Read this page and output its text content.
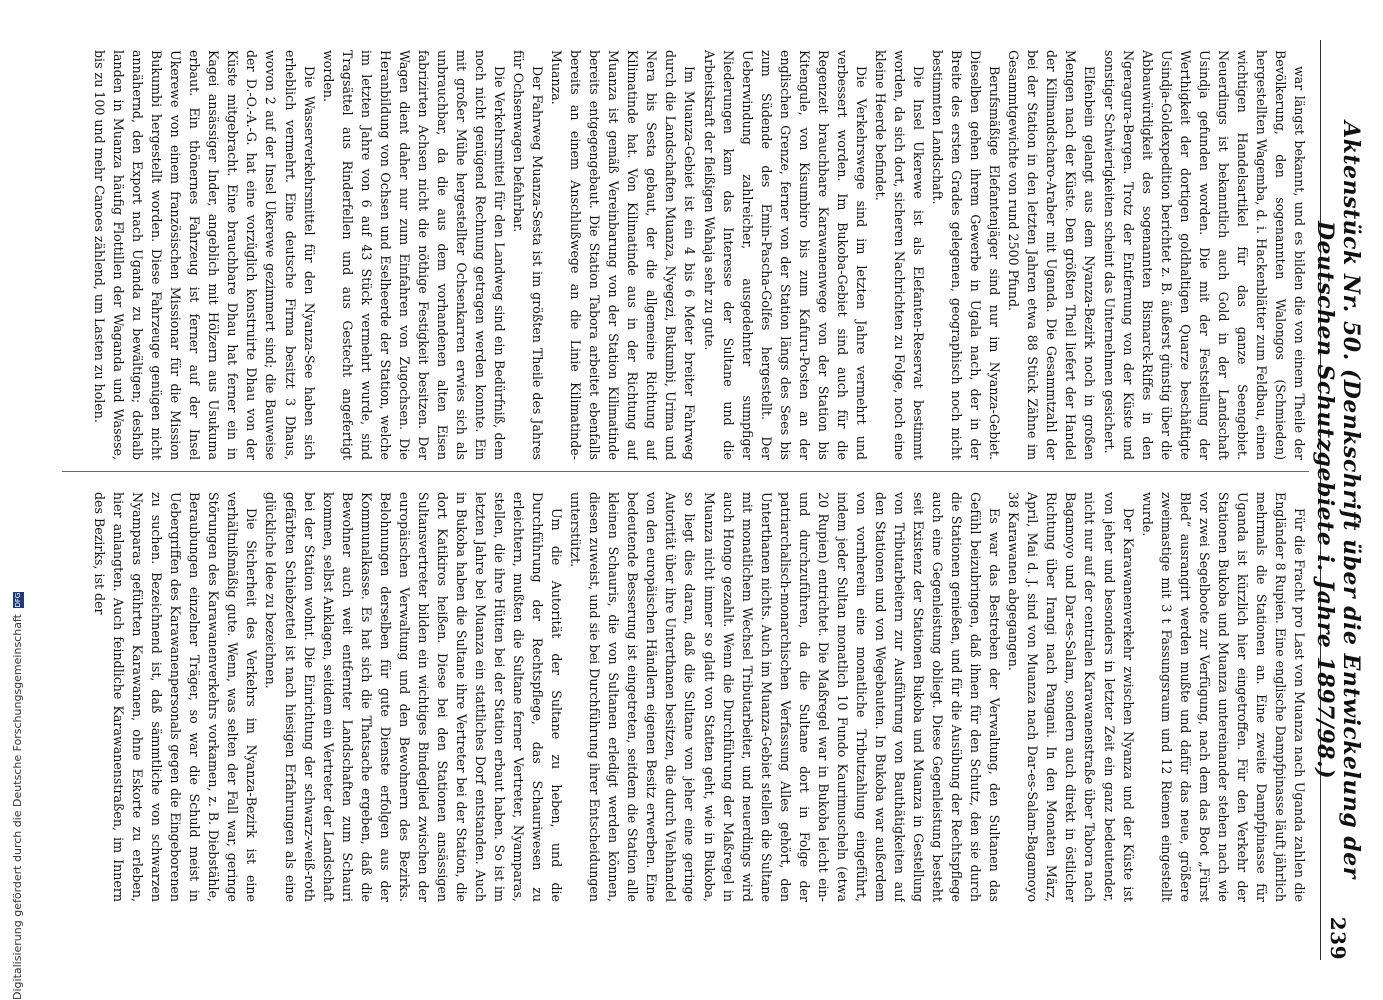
Aktenstück Nr. 50. (Denkschrift über die Entwickelung der Deutschen Schutzgebiete i. Jahre 1897/98.)
239

war längst bekannt, und es bilden die von einem Theile der Bevölkerung, den sogenannten Walongos (Schmieden) hergestellten Wagemba, d. i. Hackenblätter zum Feldbau, einen wichtigen Handelsartikel für das ganze Seengebiet. Neuerdings ist bekanntlich auch Gold in der Landschaft Usindja gefunden worden. Die mit der Feststellung der Werthigkeit der dortigen goldhaltigen Quarze beschäftigte Usindja-Goldexpedition berichtet z. B. äußerst günstig über die Abbauwürdigkeit des sogenannten Bismarck-Riffes in den Ngeragura-Bergen. Trotz der Entfernung von der Küste und sonstiger Schwierigkeiten scheint das Unternehmen gesichert.

Elfenbein gelangt aus dem Nyanza-Bezirk noch in großen Mengen nach der Küste. Den größten Theil liefert der Handel der Kilimandscharo-Araber mit Uganda. Die Gesammtzahl der bei der Station in den letzten Jahren etwa 88 Stück Zähne im Gesammtgewichte von rund 2500 Pfund.

Berufsmäßige Elefantenjäger sind nur im Nyanza-Gebiet. Dieselben gehen ihrem Gewerbe in Ugala nach, der in der Breite des ersten Grades gelegenen, geographisch noch nicht bestimmten Landschaft.

Die Insel Ukerewe ist als Elefanten-Reservat bestimmt worden, da sich dort, sicheren Nachrichten zu Folge, noch eine kleine Heerde befindet.

Die Verkehrswege sind im letzten Jahre vermehrt und verbessert worden. Im Bukoba-Gebiet sind auch für die Regenzeit brauchbare Karawanenwege von der Station bis Kitengule, von Kisumbiro bis zum Kafuru-Posten an der englischen Grenze, ferner von der Station längs des Sees bis zum Südende des Emin-Pascha-Golfes hergestellt. Der Ueberwindung zahlreicher, ausgedehnter sumpfiger Niederungen kam das Interesse der Sultane und die Arbeitskraft der fleißigen Wahaja sehr zu gute.

Im Muanza-Gebiet ist ein 4 bis 6 Meter breiter Fahrweg durch die Landschaften Muanza, Nyegezi, Bukumbi, Urima und Nera bis Sesta gebaut, der die allgemeine Richtung auf Kilimatinde hat. Von Kilimatinde aus in der Richtung auf Muanza ist gemäß Vereinbarung von der Station Kilimatinde bereits entgegengebaut. Die Station Tabora arbeitet ebenfalls bereits an einem Anschlußwege an die Linie Kilimatinde-Muanza.

Der Fahrweg Muanza-Sesta ist im größten Theile des Jahres für Ochsenwagen befahrbar.

Die Verkehrsmittel für den Landweg sind ein Bedürfniß, dem noch nicht genügend Rechnung getragen werden konnte. Ein mit großer Mühe hergestellter Ochsenkarren erwies sich als unbrauchbar, da die aus dem vorhandenen alten Eisen fabrizirten Achsen nicht die nöthige Festigkeit besitzen. Der Wagen dient daher nur zum Einfahren von Zugochsen. Die Heranbildung von Ochsen und Eselheerde der Station, welche im letzten Jahre von 6 auf 43 Stück vermehrt wurde, sind Tragsättel aus Rinderfellen und aus Gestecht angefertigt worden.

Die Wasserverkehrsmittel für den Nyanza-See haben sich erheblich vermehrt. Eine deutsche Firma besitzt 3 Dhaus, wovon 2 auf der Insel Ukerewe gezimmert sind; die Bauweise der D.-O.-A.-G. hat eine vorzüglich konstruirte Dhau von der Küste mitgebracht. Eine brauchbare Dhau hat ferner ein in Kagei ansässiger Inder, angeblich mit Hölzern aus Usukuma erbaut. Ein thönernes Fahrzeug ist ferner auf der Insel Ukerewe von einem französischen Missionar für die Mission Bukumbi hergestellt worden. Diese Fahrzeuge genügen nicht annähernd, den Export nach Uganda zu bewältigen; deshalb landen in Muanza häufig Flottillen der Waganda und Wasese, bis zu 100 und mehr Canoes zählend, um Lasten zu holen.

Für die Fracht pro Last von Muanza nach Uganda zahlen die Engländer 8 Rupien. Eine englische Dampfpinasse läuft jährlich mehrmals die Stationen an. Eine zweite Dampfpinasse für Uganda ist kürzlich hier eingetroffen. Für den Verkehr der Stationen Bukoba und Muanza untereinander stehen nach wie vor zwei Segelboote zur Verfügung, nach dem das Boot „Fürst Bled“ ausrangirt werden mußte und dafür das neue, größere zweimastige mit 3 t Fassungsraum und 12 Riemen eingestellt wurde.

Der Karawanenverkehr zwischen Nyanza und der Küste ist von jeher und besonders in letzter Zeit ein ganz bedeutender, nicht nur auf der centralen Karawanenstraße über Tabora nach Bagamoyo und Dar-es-Salam, sondern auch direkt in östlicher Richtung über Irangi nach Pangani. In den Monaten März, April, Mai d. J. sind von Muanza nach Dar-es-Salam-Bagamoyo 38 Karawanen abgegangen.

Es war das Bestreben der Verwaltung, den Sultanen das Gefühl beizubringen, daß ihnen für den Schutz, den sie durch die Stationen genießen, und für die Ausübung der Rechtspflege auch eine Gegenleistung obliegt. Diese Gegenleistung besteht seit Existenz der Stationen Bukoba und Muanza in Gestellung von Tributarbeitern zur Ausführung von Bauthätigkeiten auf den Stationen und von Wegebauten. In Bukoba war außerdem von vornherein eine monatliche Tributzahlung eingeführt, indem jeder Sultan monatlich 10 Fundo Kaurimuscheln (etwa 20 Rupien) entrichtet. Die Maßregel war in Bukoba leicht ein- und durchzuführen, da die Sultane dort in Folge der patriarchalisch-monarchischen Verfassung Alles gehört, den Unterthanen nichts. Auch im Muanza-Gebiet stellen die Sultane mit monatlichem Wechsel Tributarbeiter, und neuerdings wird auch Hongo gezahlt. Wenn die Durchführung der Maßregel in Muanza nicht immer so glatt von Statten geht, wie in Bukoba, so liegt dies daran, daß die Sultane von jeher eine geringe Autorität über ihre Unterthanen besitzen, die durch Viehhandel von den europäischen Händlern eigenen Besitz erwerben. Eine bedeutende Besserung ist eingetreten, seitdem die Station alle kleinen Schauris, die von Sultanen erledigt werden können, diesen zuweist, und sie bei Durchführung ihrer Entscheidungen unterstützt.

Um die Autorität der Sultane zu heben, und die Durchführung der Rechtspflege, das Schauriwesen zu erleichtern, mußten die Sultane ferner Vertreter, Nyamparas, stellen, die ihre Hütten bei der Station erbaut haben. So ist im letzten Jahre bei Muanza ein stattliches Dorf entstanden. Auch in Bukoba haben die Sultane ihre Vertreter bei der Station, die dort Katikiros heißen. Diese bei den Stationen ansässigen Sultansvertreter bilden ein wichtiges Bindeglied zwischen der europäischen Verwaltung und den Bewohnern des Bezirks. Belohnungen derselben für gute Dienste erfolgen aus der Kommunalkasse. Es hat sich die Thatsache ergeben, daß die Bewohner auch weit entfernter Landschaften zum Schauri kommen, selbst Anklagen, seitdem ein Vertreter der Landschaft bei der Station wohnt. Die Einrichtung der schwarz-weiß-roth gefärbten Schiebzettel ist nach hiesigen Erfahrungen als eine glückliche Idee zu bezeichnen.

Die Sicherheit des Verkehrs im Nyanza-Bezirk ist eine verhältnißmäßig gute. Wenn, was selten der Fall war, geringe Störungen des Karawanenverkehrs vorkamen, z. B. Diebstähle, Beraubungen einzelner Träger, so war die Schuld meist in Uebergriffen des Karawanenpersonals gegen die Eingeborenen zu suchen. Bezeichnend ist, daß sämmtliche von schwarzen Nyamparas geführten Karawanen, ohne Eskorte zu erleben, hier anlangten. Auch feindliche Karawanenstraßen, im Innern des Bezirks, ist der

Digitalisierung gefördert durch die Deutsche ForschungsgemeinschaftDFG
